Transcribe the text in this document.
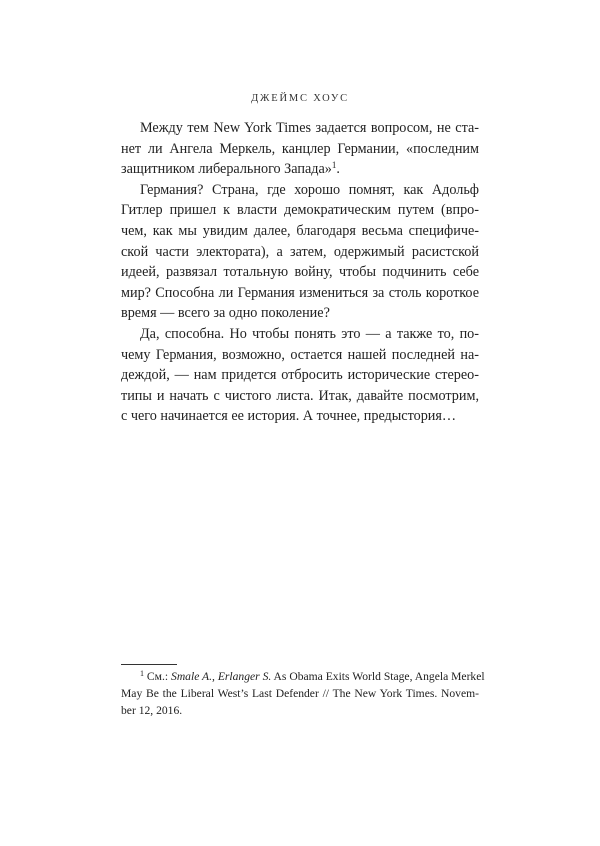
ДЖЕЙМС ХОУС
Между тем New York Times задается вопросом, не ста-
нет ли Ангела Меркель, канцлер Германии, «последним
защитником либерального Запада»$^1$.
Германия? Страна, где хорошо помнят, как Адольф
Гитлер пришел к власти демократическим путем (впро-
чем, как мы увидим далее, благодаря весьма специфиче-
ской части электората), а затем, одержимый расистской
идеей, развязал тотальную войну, чтобы подчинить себе
мир? Способна ли Германия измениться за столь короткое
время — всего за одно поколение?
Да, способна. Но чтобы понять это — а также то, по-
чему Германия, возможно, остается нашей последней на-
деждой, — нам придется отбросить исторические стерео-
типы и начать с чистого листа. Итак, давайте посмотрим,
с чего начинается ее история. А точнее, предыстория…
$^1$ См.: Smale A., Erlanger S. As Obama Exits World Stage, Angela Merkel
May Be the Liberal West’s Last Defender // The New York Times. Novem-
ber 12, 2016.
